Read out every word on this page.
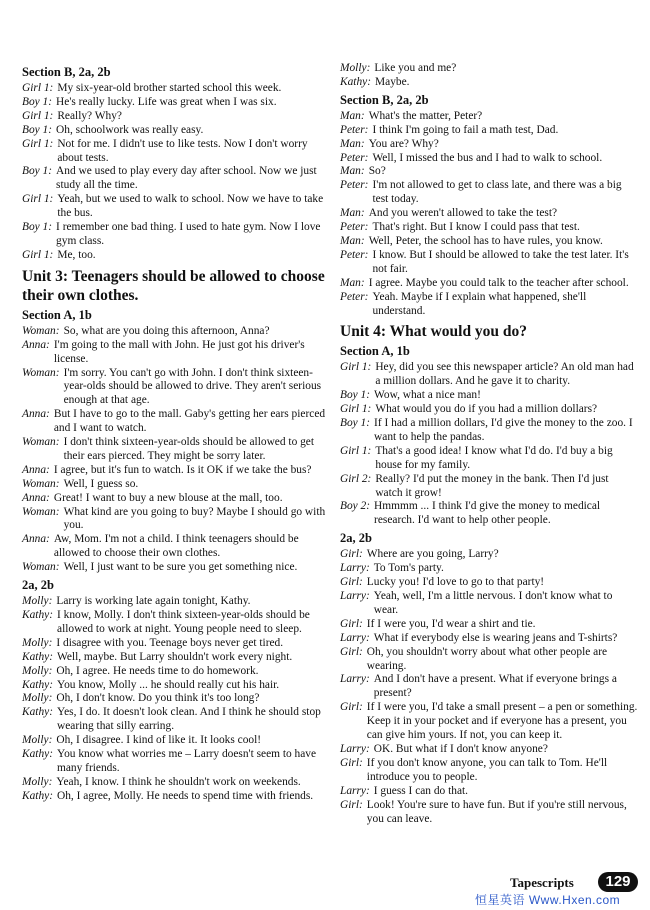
Section B, 2a, 2b
Girl 1: My six-year-old brother started school this week.
Boy 1: He's really lucky. Life was great when I was six.
Girl 1: Really? Why?
Boy 1: Oh, schoolwork was really easy.
Girl 1: Not for me. I didn't use to like tests. Now I don't worry about tests.
Boy 1: And we used to play every day after school. Now we just study all the time.
Girl 1: Yeah, but we used to walk to school. Now we have to take the bus.
Boy 1: I remember one bad thing. I used to hate gym. Now I love gym class.
Girl 1: Me, too.
Unit 3: Teenagers should be allowed to choose their own clothes.
Section A, 1b
Woman: So, what are you doing this afternoon, Anna?
Anna: I'm going to the mall with John. He just got his driver's license.
Woman: I'm sorry. You can't go with John. I don't think sixteen-year-olds should be allowed to drive. They aren't serious enough at that age.
Anna: But I have to go to the mall. Gaby's getting her ears pierced and I want to watch.
Woman: I don't think sixteen-year-olds should be allowed to get their ears pierced. They might be sorry later.
Anna: I agree, but it's fun to watch. Is it OK if we take the bus?
Woman: Well, I guess so.
Anna: Great! I want to buy a new blouse at the mall, too.
Woman: What kind are you going to buy? Maybe I should go with you.
Anna: Aw, Mom. I'm not a child. I think teenagers should be allowed to choose their own clothes.
Woman: Well, I just want to be sure you get something nice.
2a, 2b
Molly: Larry is working late again tonight, Kathy.
Kathy: I know, Molly. I don't think sixteen-year-olds should be allowed to work at night. Young people need to sleep.
Molly: I disagree with you. Teenage boys never get tired.
Kathy: Well, maybe. But Larry shouldn't work every night.
Molly: Oh, I agree. He needs time to do homework.
Kathy: You know, Molly ... he should really cut his hair.
Molly: Oh, I don't know. Do you think it's too long?
Kathy: Yes, I do. It doesn't look clean. And I think he should stop wearing that silly earring.
Molly: Oh, I disagree. I kind of like it. It looks cool!
Kathy: You know what worries me – Larry doesn't seem to have many friends.
Molly: Yeah, I know. I think he shouldn't work on weekends.
Kathy: Oh, I agree, Molly. He needs to spend time with friends.
Molly: Like you and me?
Kathy: Maybe.
Section B, 2a, 2b
Man: What's the matter, Peter?
Peter: I think I'm going to fail a math test, Dad.
Man: You are? Why?
Peter: Well, I missed the bus and I had to walk to school.
Man: So?
Peter: I'm not allowed to get to class late, and there was a big test today.
Man: And you weren't allowed to take the test?
Peter: That's right. But I know I could pass that test.
Man: Well, Peter, the school has to have rules, you know.
Peter: I know. But I should be allowed to take the test later. It's not fair.
Man: I agree. Maybe you could talk to the teacher after school.
Peter: Yeah. Maybe if I explain what happened, she'll understand.
Unit 4: What would you do?
Section A, 1b
Girl 1: Hey, did you see this newspaper article? An old man had a million dollars. And he gave it to charity.
Boy 1: Wow, what a nice man!
Girl 1: What would you do if you had a million dollars?
Boy 1: If I had a million dollars, I'd give the money to the zoo. I want to help the pandas.
Girl 1: That's a good idea! I know what I'd do. I'd buy a big house for my family.
Girl 2: Really? I'd put the money in the bank. Then I'd just watch it grow!
Boy 2: Hmmmm ... I think I'd give the money to medical research. I'd want to help other people.
2a, 2b
Girl: Where are you going, Larry?
Larry: To Tom's party.
Girl: Lucky you! I'd love to go to that party!
Larry: Yeah, well, I'm a little nervous. I don't know what to wear.
Girl: If I were you, I'd wear a shirt and tie.
Larry: What if everybody else is wearing jeans and T-shirts?
Girl: Oh, you shouldn't worry about what other people are wearing.
Larry: And I don't have a present. What if everyone brings a present?
Girl: If I were you, I'd take a small present – a pen or something. Keep it in your pocket and if everyone has a present, you can give him yours. If not, you can keep it.
Larry: OK. But what if I don't know anyone?
Girl: If you don't know anyone, you can talk to Tom. He'll introduce you to people.
Larry: I guess I can do that.
Girl: Look! You're sure to have fun. But if you're still nervous, you can leave.
Tapescripts	129
恒星英语 Www.Hxen.com
